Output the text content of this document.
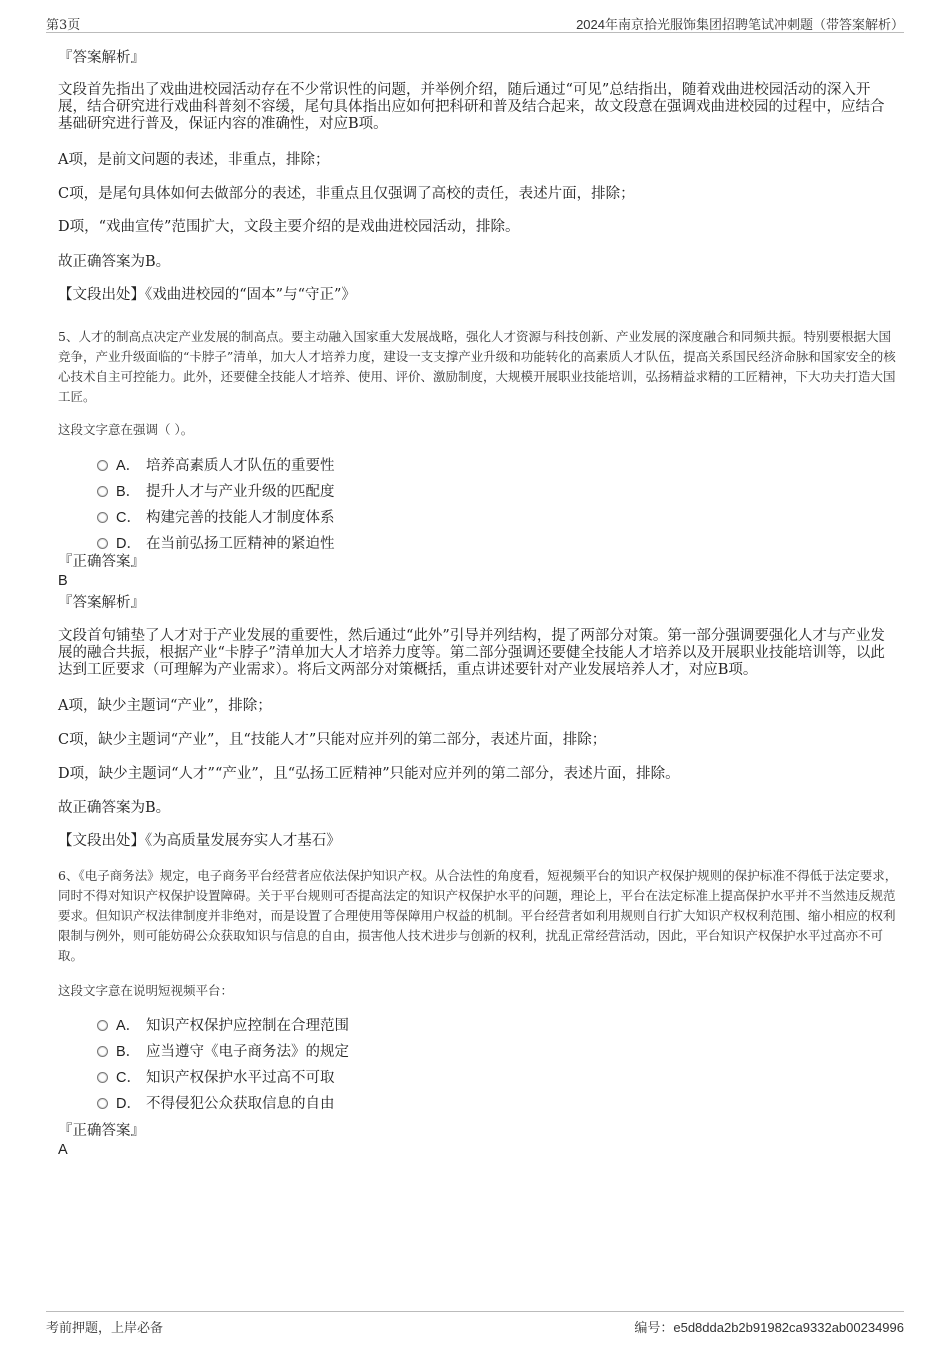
第3页	2024年南京拾光服饰集团招聘笔试冲刺题（带答案解析）
『答案解析』
文段首先指出了戏曲进校园活动存在不少常识性的问题，并举例介绍，随后通过“可见”总结指出，随着戏曲进校园活动的深入开展，结合研究进行戏曲科普刻不容缓，尾句具体指出应如何把科研和普及结合起来，故文段意在强调戏曲进校园的过程中，应结合基础研究进行普及，保证内容的准确性，对应B项。
A项，是前文问题的表述，非重点，排除；
C项，是尾句具体如何去做部分的表述，非重点且仅强调了高校的责任，表述片面，排除；
D项，“戏曲宣传”范围扩大，文段主要介绍的是戏曲进校园活动，排除。
故正确答案为B。
【文段出处】《戏曲进校园的“固本”与“守正”》
5、人才的制高点决定产业发展的制高点。要主动融入国家重大发展战略，强化人才资源与科技创新、产业发展的深度融合和同频共振。特别要根据大国竞争，产业升级面临的“卡脖子”清单，加大人才培养力度，建设一支支撑产业升级和功能转化的高素质人才队伍，提高关系国民经济命脉和国家安全的核心技术自主可控能力。此外，还要健全技能人才培养、使用、评价、激励制度，大规模开展职业技能培训，弘扬精益求精的工匠精神，下大功夫打造大国工匠。
这段文字意在强调（ ）。
A． 培养高素质人才队伍的重要性
B． 提升人才与产业升级的匹配度
C． 构建完善的技能人才制度体系
D． 在当前弘扬工匠精神的紧迫性
『正确答案』
B
『答案解析』
文段首句铺垫了人才对于产业发展的重要性，然后通过“此外”引导并列结构，提了两部分对策。第一部分强调要强化人才与产业发展的融合共振，根据产业“卡脖子”清单加大人才培养力度等。第二部分强调还要健全技能人才培养以及开展职业技能培训等，以此达到工匠要求（可理解为产业需求）。将后文两部分对策概括，重点讲述要针对产业发展培养人才，对应B项。
A项，缺少主题词“产业”，排除；
C项，缺少主题词“产业”，且“技能人才”只能对应并列的第二部分，表述片面，排除；
D项，缺少主题词“人才”“产业”，且“弘扬工匠精神”只能对应并列的第二部分，表述片面，排除。
故正确答案为B。
【文段出处】《为高质量发展夯实人才基石》
6、《电子商务法》规定，电子商务平台经营者应依法保护知识产权。从合法性的角度看，短视频平台的知识产权保护规则的保护标准不得低于法定要求，同时不得对知识产权保护设置障碍。关于平台规则可否提高法定的知识产权保护水平的问题，理论上，平台在法定标准上提高保护水平并不当然违反规范要求。但知识产权法律制度并非绝对，而是设置了合理使用等保障用户权益的机制。平台经营者如利用规则自行扩大知识产权权利范围、缩小相应的权利限制与例外，则可能妨碍公众获取知识与信息的自由，损害他人技术进步与创新的权利，扰乱正常经营活动，因此，平台知识产权保护水平过高亦不可取。
这段文字意在说明短视频平台：
A． 知识产权保护应控制在合理范围
B． 应当遵守《电子商务法》的规定
C． 知识产权保护水平过高不可取
D． 不得侵犯公众获取信息的自由
『正确答案』
A
考前押题，上岸必备	编号：e5d8dda2b2b91982ca9332ab00234996
